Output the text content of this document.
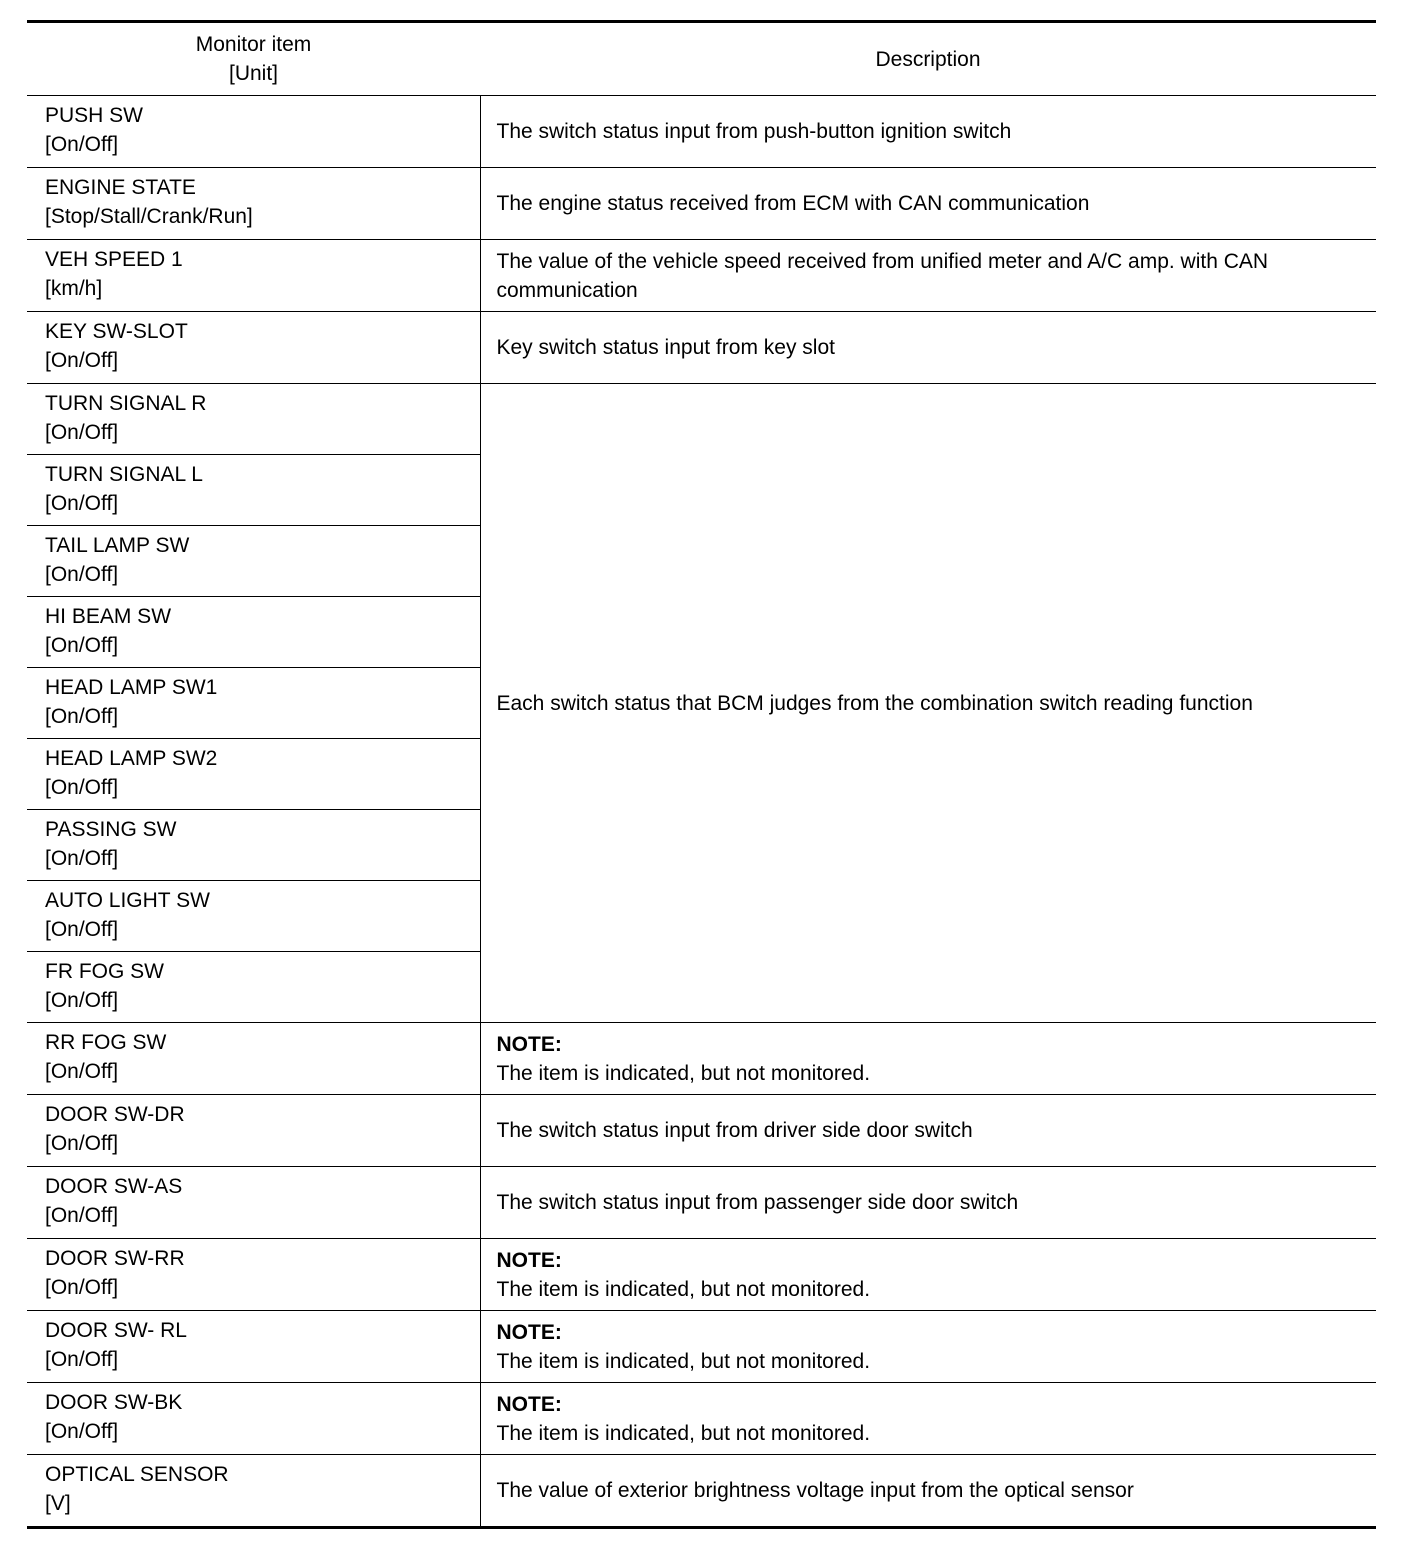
Monitor item
[Unit]	Description

PUSH SW
[On/Off]	The switch status input from push-button ignition switch

ENGINE STATE
[Stop/Stall/Crank/Run]	The engine status received from ECM with CAN communication

VEH SPEED 1
[km/h]	The value of the vehicle speed received from unified meter and A/C amp. with CAN communication

KEY SW-SLOT
[On/Off]	Key switch status input from key slot

TURN SIGNAL R
[On/Off]	Each switch status that BCM judges from the combination switch reading function

TURN SIGNAL L
[On/Off]	

TAIL LAMP SW
[On/Off]	

HI BEAM SW
[On/Off]	

HEAD LAMP SW1
[On/Off]	

HEAD LAMP SW2
[On/Off]	

PASSING SW
[On/Off]	

AUTO LIGHT SW
[On/Off]	

FR FOG SW
[On/Off]	

RR FOG SW
[On/Off]	NOTE:
The item is indicated, but not monitored.

DOOR SW-DR
[On/Off]	The switch status input from driver side door switch

DOOR SW-AS
[On/Off]	The switch status input from passenger side door switch

DOOR SW-RR
[On/Off]	NOTE:
The item is indicated, but not monitored.

DOOR SW- RL
[On/Off]	NOTE:
The item is indicated, but not monitored.

DOOR SW-BK
[On/Off]	NOTE:
The item is indicated, but not monitored.

OPTICAL SENSOR
[V]	The value of exterior brightness voltage input from the optical sensor
